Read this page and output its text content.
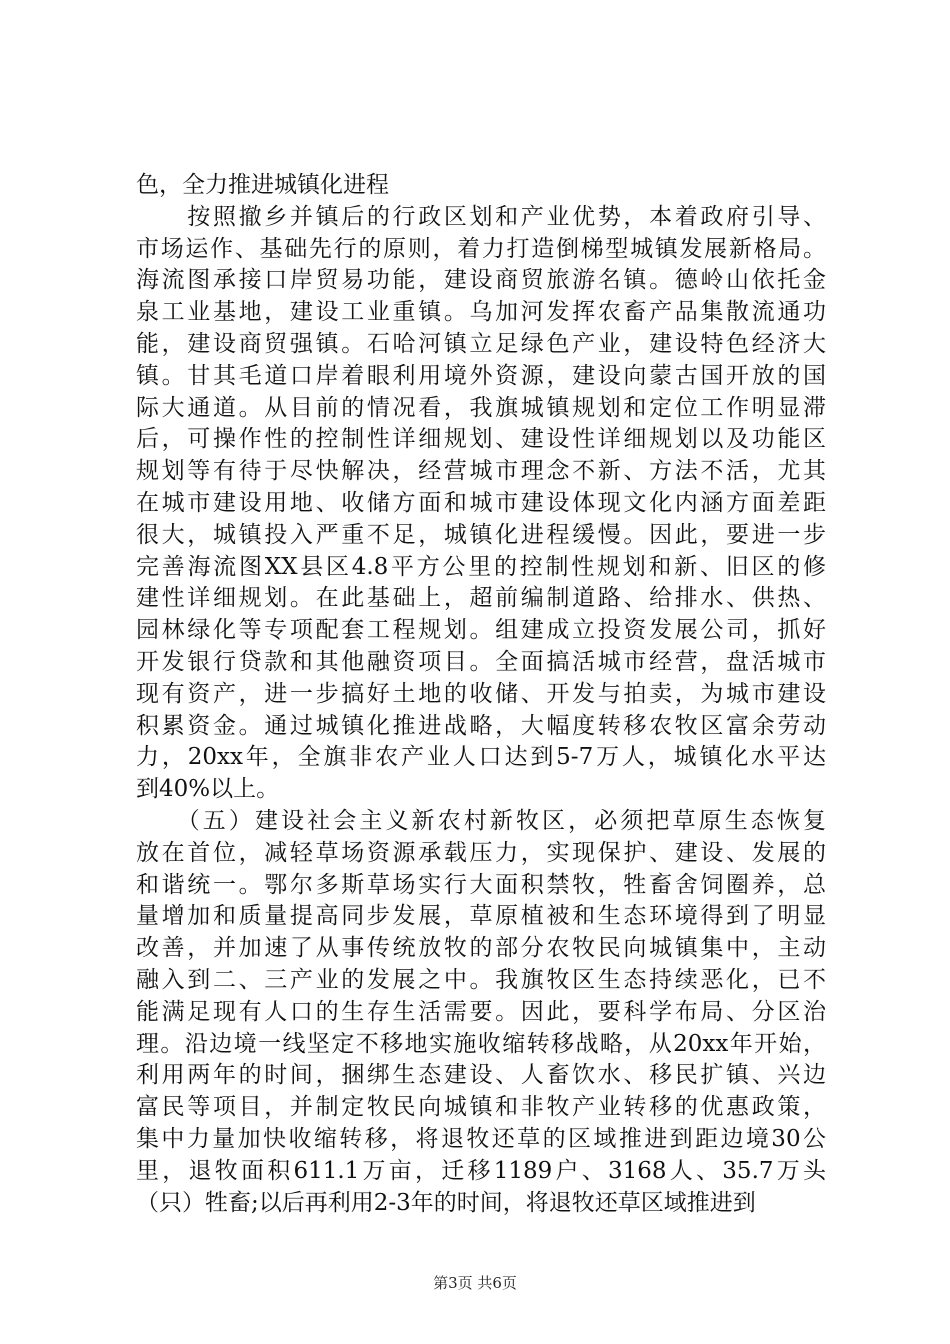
色，全力推进城镇化进程
　　按照撤乡并镇后的行政区划和产业优势，本着政府引导、
市场运作、基础先行的原则，着力打造倒梯型城镇发展新格局。
海流图承接口岸贸易功能，建设商贸旅游名镇。德岭山依托金
泉工业基地，建设工业重镇。乌加河发挥农畜产品集散流通功
能，建设商贸强镇。石哈河镇立足绿色产业，建设特色经济大
镇。甘其毛道口岸着眼利用境外资源，建设向蒙古国开放的国
际大通道。从目前的情况看，我旗城镇规划和定位工作明显滞
后，可操作性的控制性详细规划、建设性详细规划以及功能区
规划等有待于尽快解决，经营城市理念不新、方法不活，尤其
在城市建设用地、收储方面和城市建设体现文化内涵方面差距
很大，城镇投入严重不足，城镇化进程缓慢。因此，要进一步
完善海流图XX县区4.8平方公里的控制性规划和新、旧区的修
建性详细规划。在此基础上，超前编制道路、给排水、供热、
园林绿化等专项配套工程规划。组建成立投资发展公司，抓好
开发银行贷款和其他融资项目。全面搞活城市经营，盘活城市
现有资产，进一步搞好土地的收储、开发与拍卖，为城市建设
积累资金。通过城镇化推进战略，大幅度转移农牧区富余劳动
力，20xx年，全旗非农产业人口达到5-7万人，城镇化水平达
到40%以上。
　　（五）建设社会主义新农村新牧区，必须把草原生态恢复
放在首位，减轻草场资源承载压力，实现保护、建设、发展的
和谐统一。鄂尔多斯草场实行大面积禁牧，牲畜舍饲圈养，总
量增加和质量提高同步发展，草原植被和生态环境得到了明显
改善，并加速了从事传统放牧的部分农牧民向城镇集中，主动
融入到二、三产业的发展之中。我旗牧区生态持续恶化，已不
能满足现有人口的生存生活需要。因此，要科学布局、分区治
理。沿边境一线坚定不移地实施收缩转移战略，从20xx年开始，
利用两年的时间，捆绑生态建设、人畜饮水、移民扩镇、兴边
富民等项目，并制定牧民向城镇和非牧产业转移的优惠政策，
集中力量加快收缩转移，将退牧还草的区域推进到距边境30公
里，退牧面积611.1万亩，迁移1189户、3168人、35.7万头
（只）牲畜;以后再利用2-3年的时间，将退牧还草区域推进到
第3页 共6页
